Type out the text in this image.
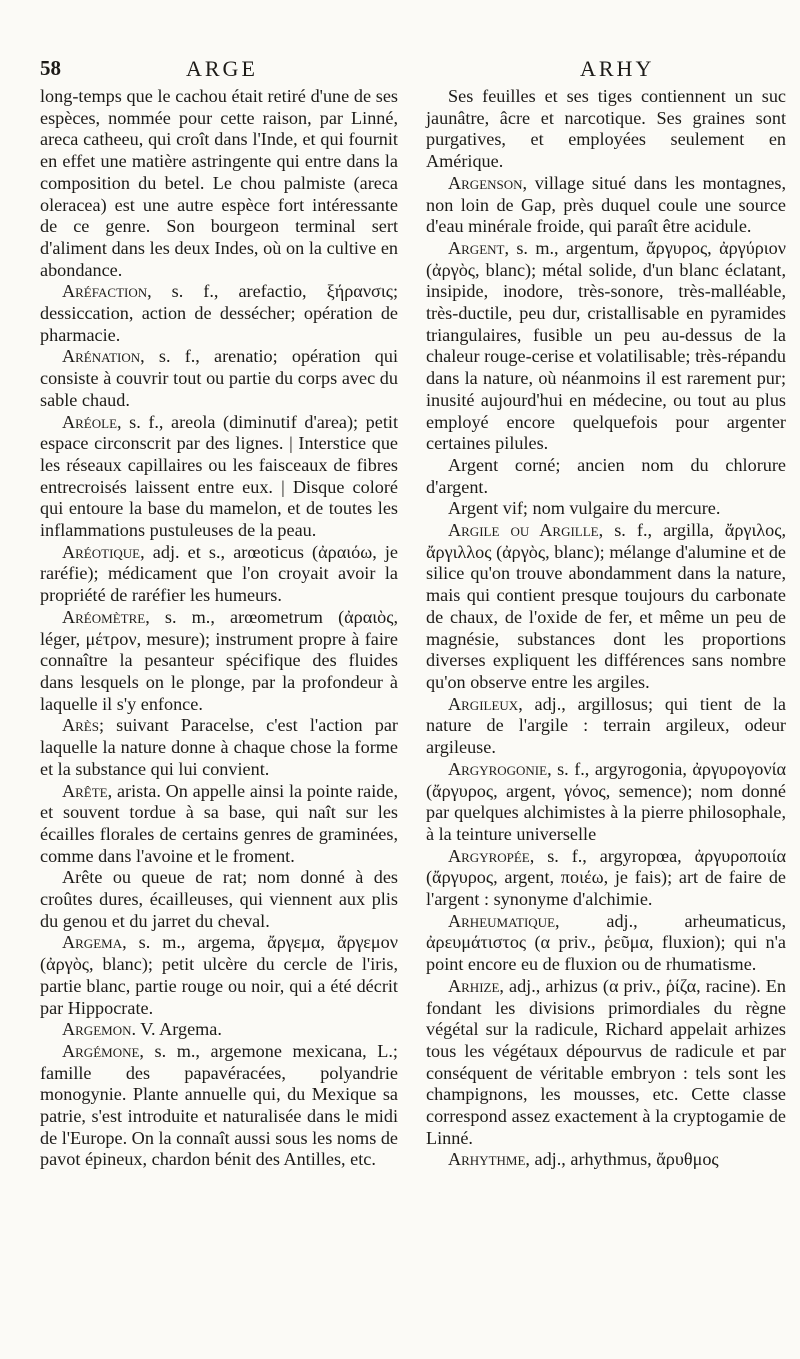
58	ARGE	ARHY

long-temps que le cachou était retiré d'une de ses espèces, nommée pour cette raison, par Linné, areca catheeu, qui croît dans l'Inde, et qui fournit en effet une matière astringente qui entre dans la composition du betel. Le chou palmiste (areca oleracea) est une autre espèce fort intéressante de ce genre. Son bourgeon terminal sert d'aliment dans les deux Indes, où on la cultive en abondance.

Aréfaction, s. f., arefactio, ξήρανσις; dessiccation, action de dessécher; opération de pharmacie.

Arénation, s. f., arenatio; opération qui consiste à couvrir tout ou partie du corps avec du sable chaud.

Aréole, s. f., areola (diminutif d'area); petit espace circonscrit par des lignes. | Interstice que les réseaux capillaires ou les faisceaux de fibres entrecroisés laissent entre eux. | Disque coloré qui entoure la base du mamelon, et de toutes les inflammations pustuleuses de la peau.

Aréotique, adj. et s., arœoticus (ἀραιόω, je raréfie); médicament que l'on croyait avoir la propriété de raréfier les humeurs.

Aréomètre, s. m., arœometrum (ἀραιὸς, léger, μέτρον, mesure); instrument propre à faire connaître la pesanteur spécifique des fluides dans lesquels on le plonge, par la profondeur à laquelle il s'y enfonce.

Arès; suivant Paracelse, c'est l'action par laquelle la nature donne à chaque chose la forme et la substance qui lui convient.

Arête, arista. On appelle ainsi la pointe raide, et souvent tordue à sa base, qui naît sur les écailles florales de certains genres de graminées, comme dans l'avoine et le froment.

Arête ou queue de rat; nom donné à des croûtes dures, écailleuses, qui viennent aux plis du genou et du jarret du cheval.

Argema, s. m., argema, ἄργεμα, ἄργεμον (ἀργὸς, blanc); petit ulcère du cercle de l'iris, partie blanc, partie rouge ou noir, qui a été décrit par Hippocrate.

Argemon. V. Argema.

Argémone, s. m., argemone mexicana, L.; famille des papavéracées, polyandrie monogynie. Plante annuelle qui, du Mexique sa patrie, s'est introduite et naturalisée dans le midi de l'Europe. On la connaît aussi sous les noms de pavot épineux, chardon bénit des Antilles, etc.

Ses feuilles et ses tiges contiennent un suc jaunâtre, âcre et narcotique. Ses graines sont purgatives, et employées seulement en Amérique.

Argenson, village situé dans les montagnes, non loin de Gap, près duquel coule une source d'eau minérale froide, qui paraît être acidule.

Argent, s. m., argentum, ἄργυρος, ἀργύριον (ἀργὸς, blanc); métal solide, d'un blanc éclatant, insipide, inodore, très-sonore, très-malléable, très-ductile, peu dur, cristallisable en pyramides triangulaires, fusible un peu au-dessus de la chaleur rouge-cerise et volatilisable; très-répandu dans la nature, où néanmoins il est rarement pur; inusité aujourd'hui en médecine, ou tout au plus employé encore quelquefois pour argenter certaines pilules.

Argent corné; ancien nom du chlorure d'argent.

Argent vif; nom vulgaire du mercure.

Argile ou Argille, s. f., argilla, ἄργιλος, ἄργιλλος (ἀργὸς, blanc); mélange d'alumine et de silice qu'on trouve abondamment dans la nature, mais qui contient presque toujours du carbonate de chaux, de l'oxide de fer, et même un peu de magnésie, substances dont les proportions diverses expliquent les différences sans nombre qu'on observe entre les argiles.

Argileux, adj., argillosus; qui tient de la nature de l'argile : terrain argileux, odeur argileuse.

Argyrogonie, s. f., argyrogonia, ἀργυρογονία (ἄργυρος, argent, γόνος, semence); nom donné par quelques alchimistes à la pierre philosophale, à la teinture universelle

Argyropée, s. f., argyropœa, ἀργυροποιία (ἄργυρος, argent, ποιέω, je fais); art de faire de l'argent : synonyme d'alchimie.

Arheumatique, adj., arheumaticus, ἀρευμάτιστος (α priv., ῥεῦμα, fluxion); qui n'a point encore eu de fluxion ou de rhumatisme.

Arhize, adj., arhizus (α priv., ῥίζα, racine). En fondant les divisions primordiales du règne végétal sur la radicule, Richard appelait arhizes tous les végétaux dépourvus de radicule et par conséquent de véritable embryon : tels sont les champignons, les mousses, etc. Cette classe correspond assez exactement à la cryptogamie de Linné.

Arhythme, adj., arhythmus, ἄρυθμος
